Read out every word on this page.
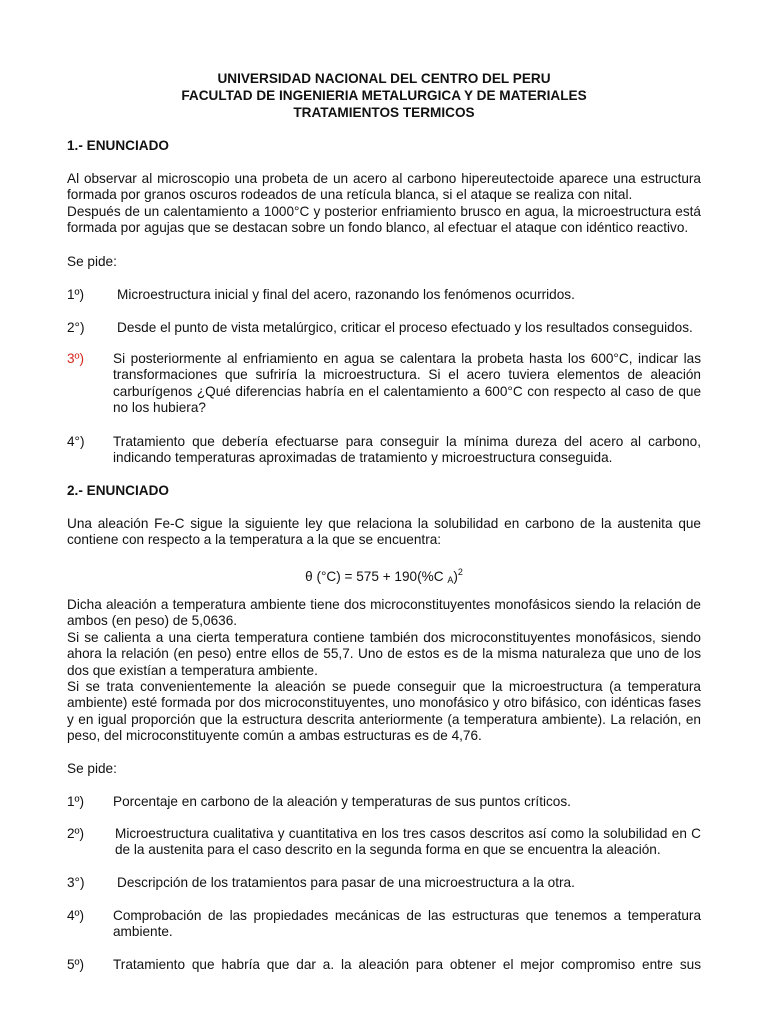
UNIVERSIDAD NACIONAL DEL CENTRO DEL PERU
FACULTAD DE INGENIERIA METALURGICA Y DE MATERIALES
TRATAMIENTOS TERMICOS
1.- ENUNCIADO
Al observar al microscopio una probeta de un acero al carbono hipereutectoide aparece una estructura formada por granos oscuros rodeados de una retícula blanca, si el ataque se realiza con nital.
Después de un calentamiento a 1000°C y posterior enfriamiento brusco en agua, la microestructura está formada por agujas que se destacan sobre un fondo blanco, al efectuar el ataque con idéntico reactivo.
Se pide:
1º) Microestructura inicial y final del acero, razonando los fenómenos ocurridos.
2°) Desde el punto de vista metalúrgico, criticar el proceso efectuado y los resultados conseguidos.
3º) Si posteriormente al enfriamiento en agua se calentara la probeta hasta los 600°C, indicar las transformaciones que sufriría la microestructura. Si el acero tuviera elementos de aleación carburígenos ¿Qué diferencias habría en el calentamiento a 600°C con respecto al caso de que no los hubiera?
4°) Tratamiento que debería efectuarse para conseguir la mínima dureza del acero al carbono, indicando temperaturas aproximadas de tratamiento y microestructura conseguida.
2.- ENUNCIADO
Una aleación Fe-C sigue la siguiente ley que relaciona la solubilidad en carbono de la austenita que contiene con respecto a la temperatura a la que se encuentra:
θ (°C) = 575 + 190(%C $_A$)$^2$
Dicha aleación a temperatura ambiente tiene dos microconstituyentes monofásicos siendo la relación de ambos (en peso) de 5,0636.
Si se calienta a una cierta temperatura contiene también dos microconstituyentes monofásicos, siendo ahora la relación (en peso) entre ellos de 55,7. Uno de estos es de la misma naturaleza que uno de los dos que existían a temperatura ambiente.
Si se trata convenientemente la aleación se puede conseguir que la microestructura (a temperatura ambiente) esté formada por dos microconstituyentes, uno monofásico y otro bifásico, con idénticas fases y en igual proporción que la estructura descrita anteriormente (a temperatura ambiente). La relación, en peso, del microconstituyente común a ambas estructuras es de 4,76.
Se pide:
1º) Porcentaje en carbono de la aleación y temperaturas de sus puntos críticos.
2º) Microestructura cualitativa y cuantitativa en los tres casos descritos así como la solubilidad en C de la austenita para el caso descrito en la segunda forma en que se encuentra la aleación.
3°) Descripción de los tratamientos para pasar de una microestructura a la otra.
4º) Comprobación de las propiedades mecánicas de las estructuras que tenemos a temperatura ambiente.
5º) Tratamiento que habría que dar a. la aleación para obtener el mejor compromiso entre sus
